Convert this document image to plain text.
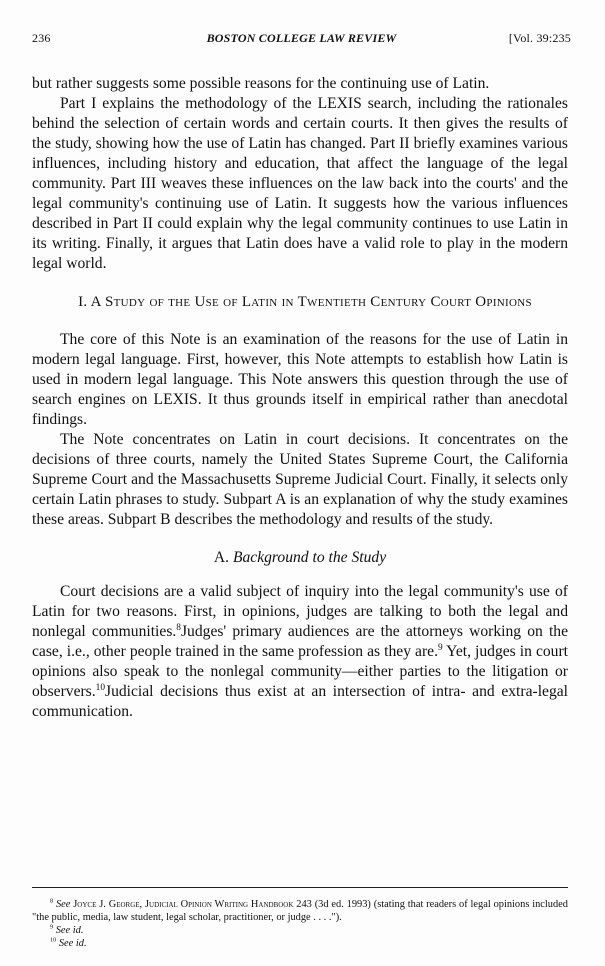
236	BOSTON COLLEGE LAW REVIEW	[Vol. 39:235

but rather suggests some possible reasons for the continuing use of Latin.

Part I explains the methodology of the LEXIS search, including the rationales behind the selection of certain words and certain courts. It then gives the results of the study, showing how the use of Latin has changed. Part II briefly examines various influences, including history and education, that affect the language of the legal community. Part III weaves these influences on the law back into the courts' and the legal community's continuing use of Latin. It suggests how the various influences described in Part II could explain why the legal community continues to use Latin in its writing. Finally, it argues that Latin does have a valid role to play in the modern legal world.

I. A Study of the Use of Latin in Twentieth Century Court Opinions

The core of this Note is an examination of the reasons for the use of Latin in modern legal language. First, however, this Note attempts to establish how Latin is used in modern legal language. This Note answers this question through the use of search engines on LEXIS. It thus grounds itself in empirical rather than anecdotal findings.

The Note concentrates on Latin in court decisions. It concentrates on the decisions of three courts, namely the United States Supreme Court, the California Supreme Court and the Massachusetts Supreme Judicial Court. Finally, it selects only certain Latin phrases to study. Subpart A is an explanation of why the study examines these areas. Subpart B describes the methodology and results of the study.

A. Background to the Study

Court decisions are a valid subject of inquiry into the legal community's use of Latin for two reasons. First, in opinions, judges are talking to both the legal and nonlegal communities.$^8$Judges' primary audiences are the attorneys working on the case, i.e., other people trained in the same profession as they are.$^9$ Yet, judges in court opinions also speak to the nonlegal community—either parties to the litigation or observers.$^{10}$Judicial decisions thus exist at an intersection of intra- and extra-legal communication.

$^8$ See Joyce J. George, Judicial Opinion Writing Handbook 243 (3d ed. 1993) (stating that readers of legal opinions included "the public, media, law student, legal scholar, practitioner, or judge . . . .").

$^9$ See id.

$^{10}$ See id.
